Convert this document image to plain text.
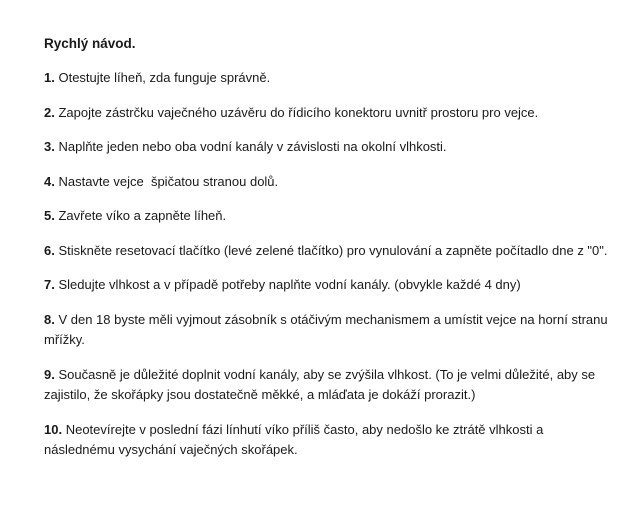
Rychlý návod.
1. Otestujte líheň, zda funguje správně.
2. Zapojte zástrčku vaječného uzávěru do řídicího konektoru uvnitř prostoru pro vejce.
3. Naplňte jeden nebo oba vodní kanály v závislosti na okolní vlhkosti.
4. Nastavte vejce  špičatou stranou dolů.
5. Zavřete víko a zapněte líheň.
6. Stiskněte resetovací tlačítko (levé zelené tlačítko) pro vynulování a zapněte počítadlo dne z "0".
7. Sledujte vlhkost a v případě potřeby naplňte vodní kanály. (obvykle každé 4 dny)
8. V den 18 byste měli vyjmout zásobník s otáčivým mechanismem a umístit vejce na horní stranu mřížky.
9. Současně je důležité doplnit vodní kanály, aby se zvýšila vlhkost. (To je velmi důležité, aby se zajistilo, že skořápky jsou dostatečně měkké, a mláďata je dokáží prorazit.)
10. Neotevírejte v poslední fázi línhutí víko příliš často, aby nedošlo ke ztrátě vlhkosti a následnému vysychání vaječných skořápek.
